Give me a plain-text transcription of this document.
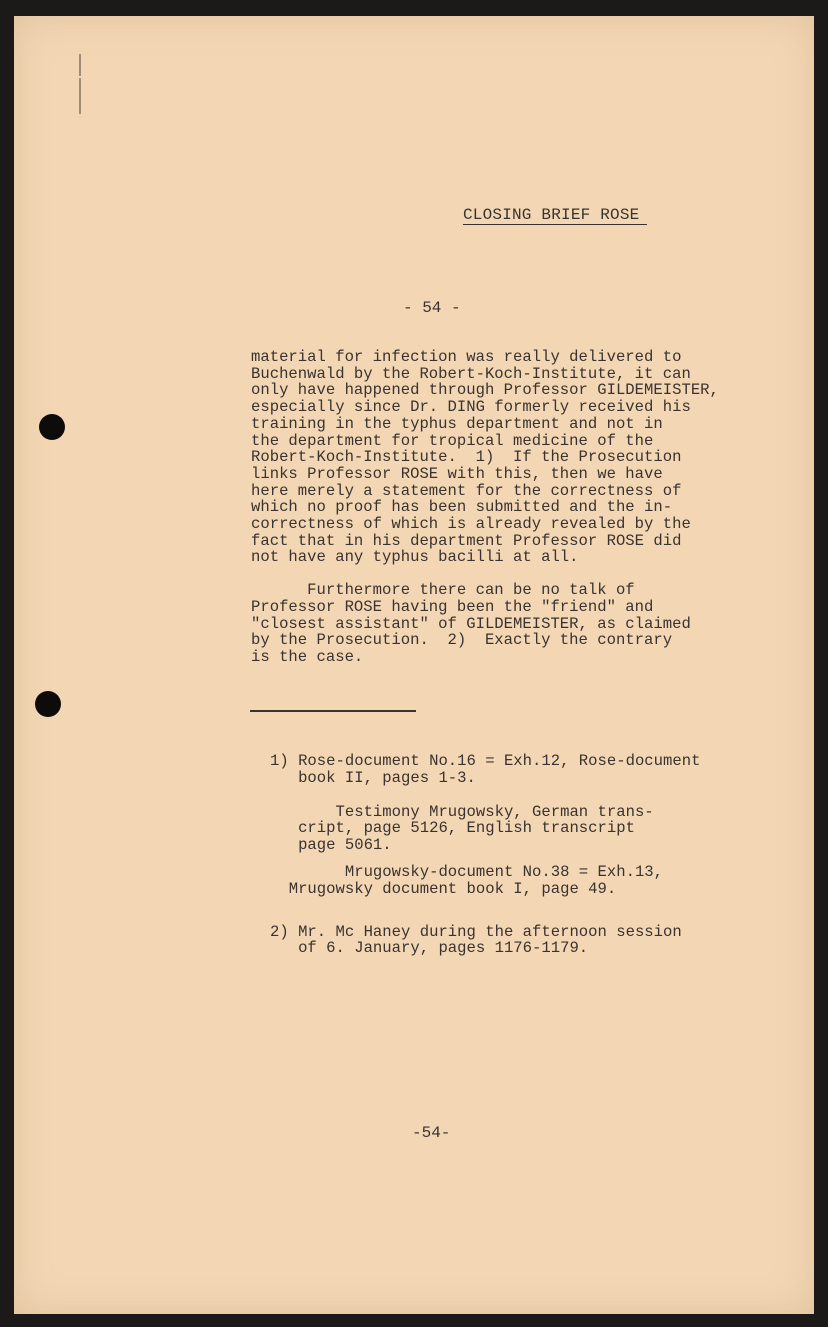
CLOSING BRIEF ROSE
- 54 -
material for infection was really delivered to
Buchenwald by the Robert-Koch-Institute, it can
only have happened through Professor GILDEMEISTER,
especially since Dr. DING formerly received his
training in the typhus department and not in
the department for tropical medicine of the
Robert-Koch-Institute.  1)  If the Prosecution
links Professor ROSE with this, then we have
here merely a statement for the correctness of
which no proof has been submitted and the in-
correctness of which is already revealed by the
fact that in his department Professor ROSE did
not have any typhus bacilli at all.
Furthermore there can be no talk of
Professor ROSE having been the "friend" and
"closest assistant" of GILDEMEISTER, as claimed
by the Prosecution.  2)  Exactly the contrary
is the case.
1) Rose-document No.16 = Exh.12, Rose-document
book II, pages 1-3.
Testimony Mrugowsky, German trans-
cript, page 5126, English transcript
page 5061.
Mrugowsky-document No.38 = Exh.13,
Mrugowsky document book I, page 49.
2) Mr. Mc Haney during the afternoon session
of 6. January, pages 1176-1179.
-54-
